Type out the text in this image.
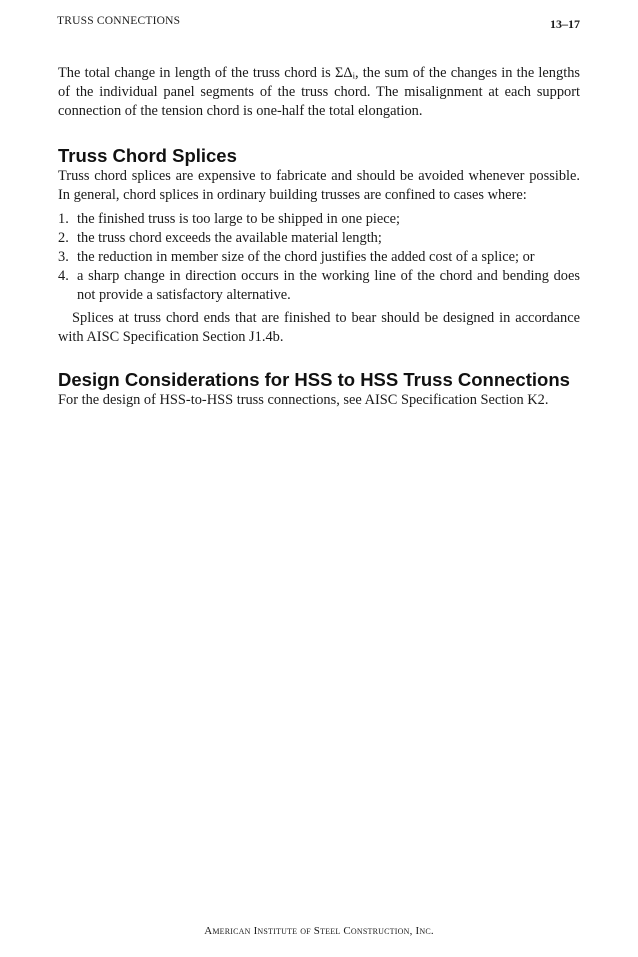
TRUSS CONNECTIONS	13–17

The total change in length of the truss chord is ΣΔᵢ, the sum of the changes in the lengths of the individual panel segments of the truss chord. The misalignment at each support connection of the tension chord is one-half the total elongation.

Truss Chord Splices

Truss chord splices are expensive to fabricate and should be avoided whenever possible. In general, chord splices in ordinary building trusses are confined to cases where:

1. the finished truss is too large to be shipped in one piece;
2. the truss chord exceeds the available material length;
3. the reduction in member size of the chord justifies the added cost of a splice; or
4. a sharp change in direction occurs in the working line of the chord and bending does not provide a satisfactory alternative.

Splices at truss chord ends that are finished to bear should be designed in accordance with AISC Specification Section J1.4b.

Design Considerations for HSS to HSS Truss Connections

For the design of HSS-to-HSS truss connections, see AISC Specification Section K2.

American Institute of Steel Construction, Inc.
